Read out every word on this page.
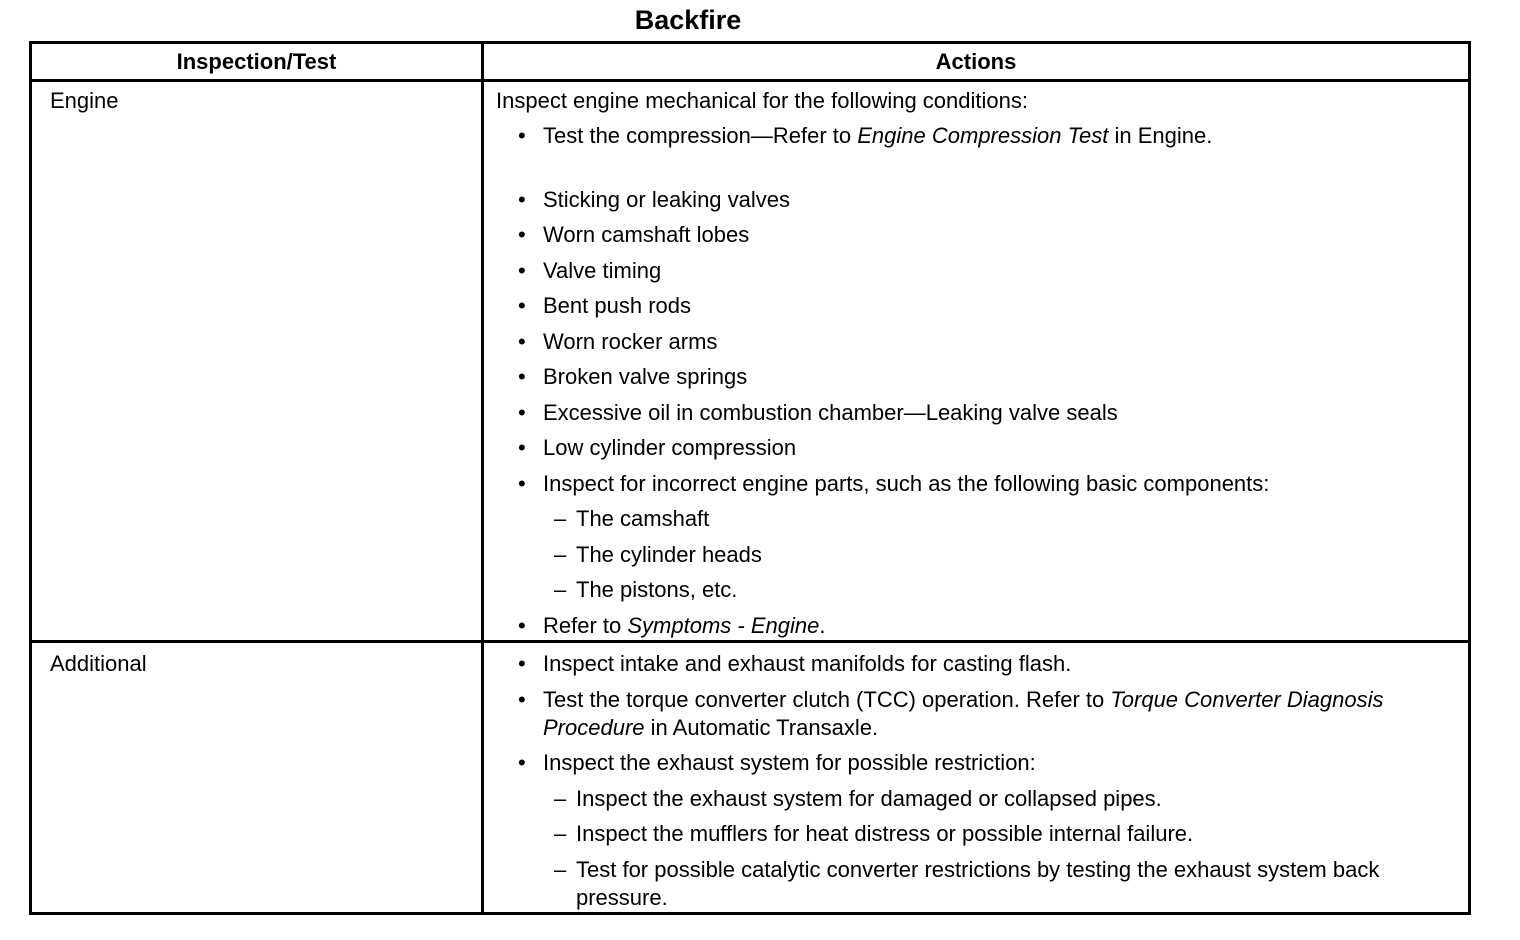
Backfire
Inspection/Test	Actions
Engine	Inspect engine mechanical for the following conditions:
• Test the compression—Refer to Engine Compression Test in Engine.
• Sticking or leaking valves
• Worn camshaft lobes
• Valve timing
• Bent push rods
• Worn rocker arms
• Broken valve springs
• Excessive oil in combustion chamber—Leaking valve seals
• Low cylinder compression
• Inspect for incorrect engine parts, such as the following basic components:
– The camshaft
– The cylinder heads
– The pistons, etc.
• Refer to Symptoms - Engine.
Additional	• Inspect intake and exhaust manifolds for casting flash.
• Test the torque converter clutch (TCC) operation. Refer to Torque Converter Diagnosis Procedure in Automatic Transaxle.
• Inspect the exhaust system for possible restriction:
– Inspect the exhaust system for damaged or collapsed pipes.
– Inspect the mufflers for heat distress or possible internal failure.
– Test for possible catalytic converter restrictions by testing the exhaust system back pressure.
